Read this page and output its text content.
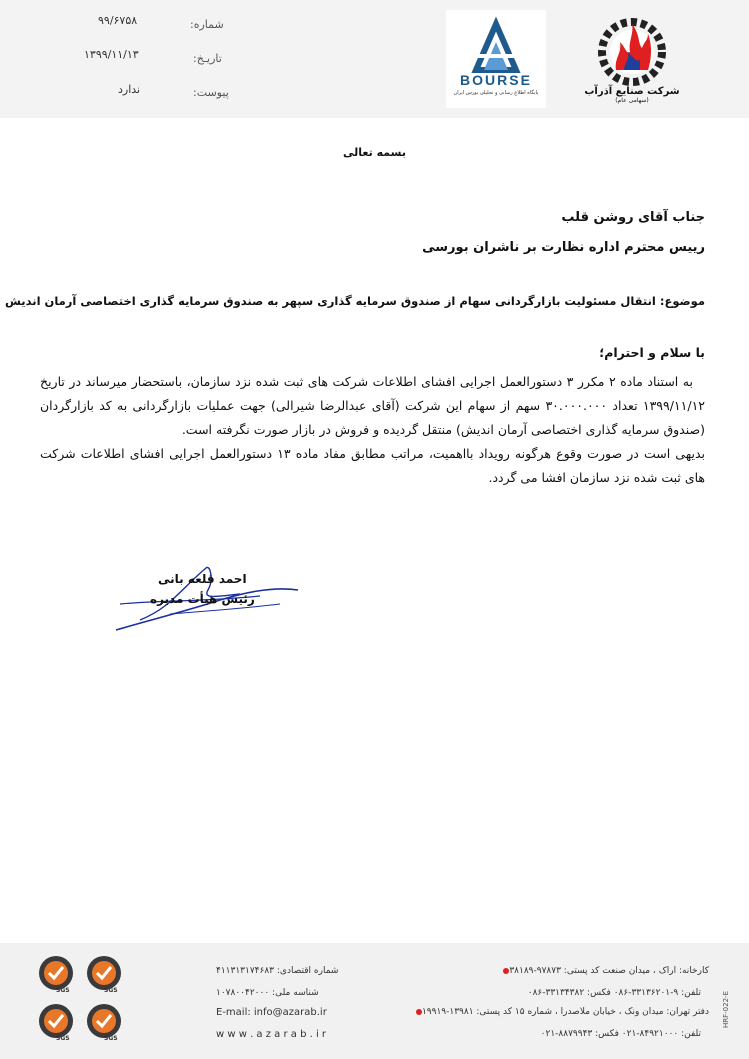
شماره:
۹۹/۶۷۵۸
تاریـخ:
۱۳۹۹/۱۱/۱۳
پیوست:
ندارد
BOURSE
پایگاه اطلاع رسانی و تحلیلی بورس ایران	شرکت صنایع آذرآب
(سهامی عام)
بسمه تعالی
جناب آقای روشن قلب
رییس محترم اداره نظارت بر ناشران بورسی
موضوع: انتقال مسئولیت بازارگردانی سهام از صندوق سرمایه گذاری سپهر به صندوق سرمایه گذاری اختصاصی آرمان اندیش
با سلام و احترام؛

به استناد ماده ۲ مکرر ۳ دستورالعمل اجرایی افشای اطلاعات شرکت های ثبت شده نزد سازمان، باستحضار میرساند در تاریخ ۱۳۹۹/۱۱/۱۲ تعداد ۳۰.۰۰۰.۰۰۰ سهم از سهام این شرکت (آقای عبدالرضا شیرالی) جهت عملیات بازارگردانی به کد بازارگردان (صندوق سرمایه گذاری اختصاصی آرمان اندیش) منتقل گردیده و فروش در بازار صورت نگرفته است.

بدیهی است در صورت وقوع هرگونه رویداد بااهمیت، مراتب مطابق مفاد ماده ۱۳ دستورالعمل اجرایی افشای اطلاعات شرکت های ثبت شده نزد سازمان افشا می گردد.

احمد قلعه بانی
رئیس هیأت مدیره
کارخانه: اراک ، میدان صنعت کد پستی: ۹۷۸۷۳-۳۸۱۸۹
تلفن: ۹-۳۳۱۳۶۲۰۱-۰۸۶ فکس: ۳۳۱۳۴۳۸۲-۰۸۶
دفتر تهران: میدان ونک ، خیابان ملاصدرا ، شماره ۱۵ کد پستی: ۱۳۹۸۱-۱۹۹۱۹
تلفن: ۸۴۹۲۱۰۰۰-۰۲۱ فکس: ۸۸۷۹۹۴۳-۰۲۱
شماره اقتصادی: ۴۱۱۳۱۳۱۷۴۶۸۳
شناسه ملی: ۱۰۷۸۰۰۴۲۰۰۰
E-mail: info@azarab.ir
w w w . a z a r a b . i r
SGS	SGS
SGS	SGS
HRF-022-E
